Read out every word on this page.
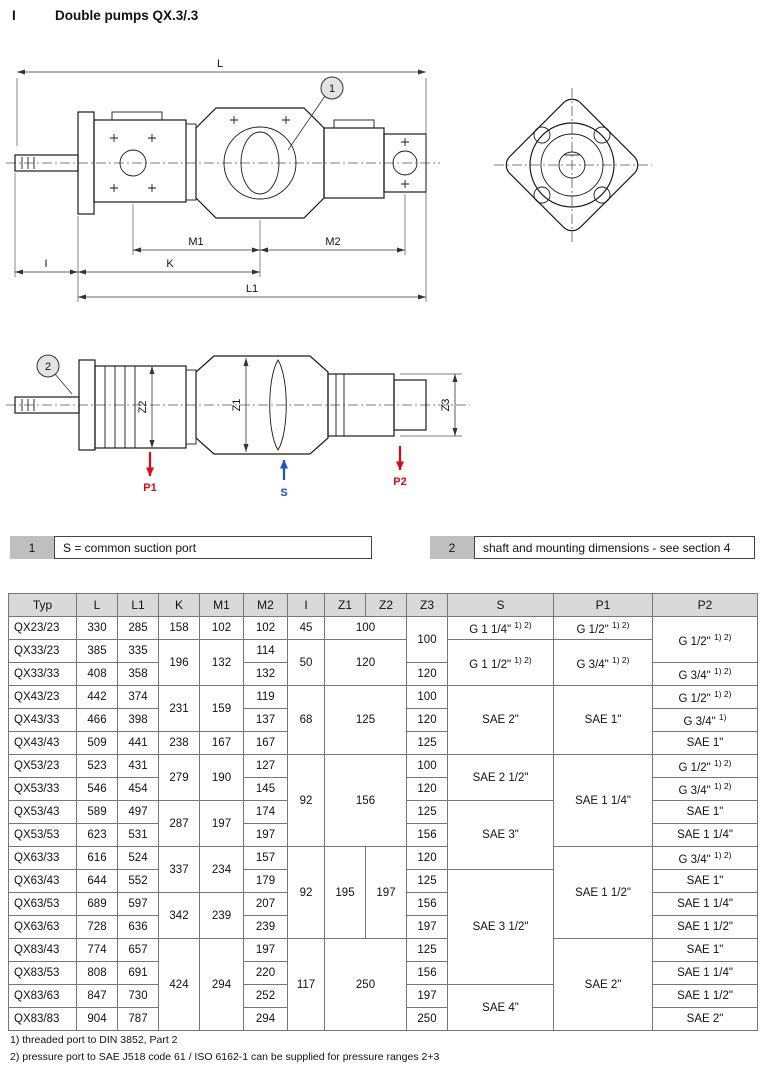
I	Double pumps QX.3/.3
L
M1	M2
I	K
L1
1
Z2	Z1	Z3
P1	S
P2
2
1	S = common suction port	2	shaft and mounting dimensions - see section 4
Typ	L	L1	K	M1	M2	I	Z1	Z2	Z3	S	P1	P2
QX23/23	330	285	158	102	102	45	100		100	G 1 1/4" $^{1) 2)}$	G 1/2" $^{1) 2)}$	G 1/2" $^{1) 2)}$
QX33/23	385	335	196	132	114	50	120			G 1 1/2" $^{1) 2)}$	G 3/4" $^{1) 2)}$
QX33/33	408	358			132				120			G 3/4" $^{1) 2)}$
QX43/23	442	374	231	159	119	68	125		100	SAE 2"	SAE 1"	G 1/2" $^{1) 2)}$
QX43/33	466	398			137				120			G 3/4" $^{1)}$
QX43/43	509	441	238	167	167				125			SAE 1"
QX53/23	523	431	279	190	127	92	156		100	SAE 2 1/2"	SAE 1 1/4"	G 1/2" $^{1) 2)}$
QX53/33	546	454			145				120			G 3/4" $^{1) 2)}$
QX53/43	589	497	287	197	174				125	SAE 3"		SAE 1"
QX53/53	623	531			197				156			SAE 1 1/4"
QX63/33	616	524	337	234	157	92	195	197	120		SAE 1 1/2"	G 3/4" $^{1) 2)}$
QX63/43	644	552			179				125	SAE 3 1/2"		SAE 1"
QX63/53	689	597	342	239	207				156			SAE 1 1/4"
QX63/63	728	636			239				197			SAE 1 1/2"
QX83/43	774	657	424	294	197	117	250		125		SAE 2"	SAE 1"
QX83/53	808	691			220				156			SAE 1 1/4"
QX83/63	847	730			252				197	SAE 4"		SAE 1 1/2"
QX83/83	904	787			294				250			SAE 2"
1) threaded port to DIN 3852, Part 2
2) pressure port to SAE J518 code 61 / ISO 6162-1 can be supplied for pressure ranges 2+3
